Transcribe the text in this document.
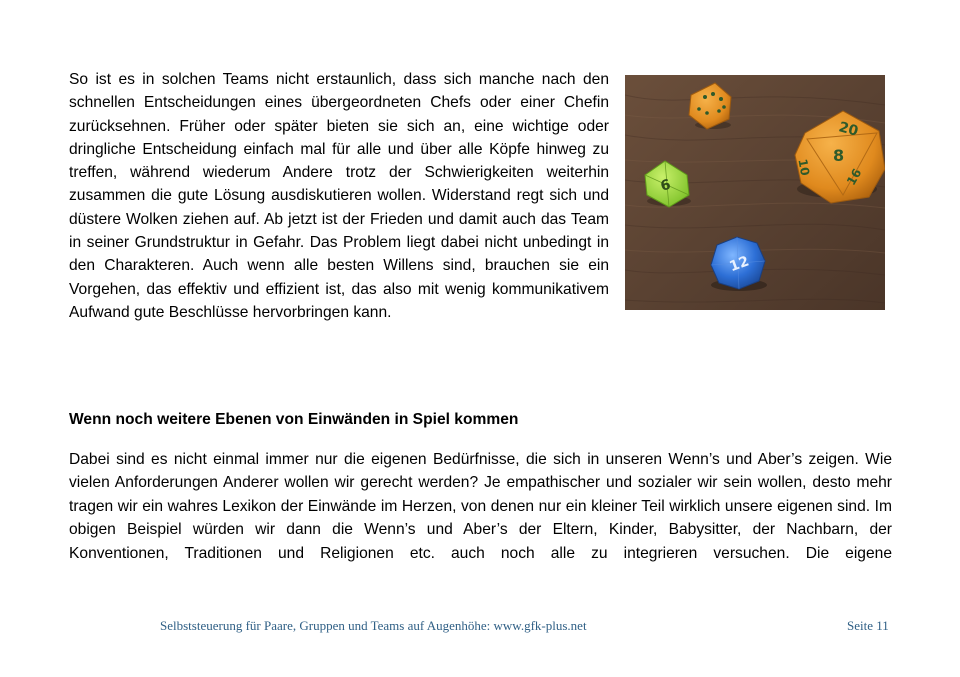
So ist es in solchen Teams nicht erstaunlich, dass sich manche nach den schnellen Entscheidungen eines übergeordneten Chefs oder einer Chefin zurücksehnen. Früher oder später bieten sie sich an, eine wichtige oder dringliche Entscheidung einfach mal für alle und über alle Köpfe hinweg zu treffen, während wiederum Andere trotz der Schwierigkeiten weiterhin zusammen die gute Lösung ausdiskutieren wollen. Widerstand regt sich und düstere Wolken ziehen auf. Ab jetzt ist der Frieden und damit auch das Team in seiner Grundstruktur in Gefahr. Das Problem liegt dabei nicht unbedingt in den Charakteren. Auch wenn alle besten Willens sind, brauchen sie ein Vorgehen, das effektiv und effizient ist, das also mit wenig kommunikativem Aufwand gute Beschlüsse hervorbringen kann.

6
20
10
8
16
12
Wenn noch weitere Ebenen von Einwänden in Spiel kommen

Dabei sind es nicht einmal immer nur die eigenen Bedürfnisse, die sich in unseren Wenn’s und Aber’s zeigen. Wie vielen Anforderungen Anderer wollen wir gerecht werden? Je empathischer und sozialer wir sein wollen, desto mehr tragen wir ein wahres Lexikon der Einwände im Herzen, von denen nur ein kleiner Teil wirklich unsere eigenen sind. Im obigen Beispiel würden wir dann die Wenn’s und Aber’s der Eltern, Kinder, Babysitter, der Nachbarn, der Konventionen, Traditionen und Religionen etc. auch noch alle zu integrieren versuchen. Die eigene

Selbststeuerung für Paare, Gruppen und Teams auf Augenhöhe: www.gfk-plus.net	Seite 11
